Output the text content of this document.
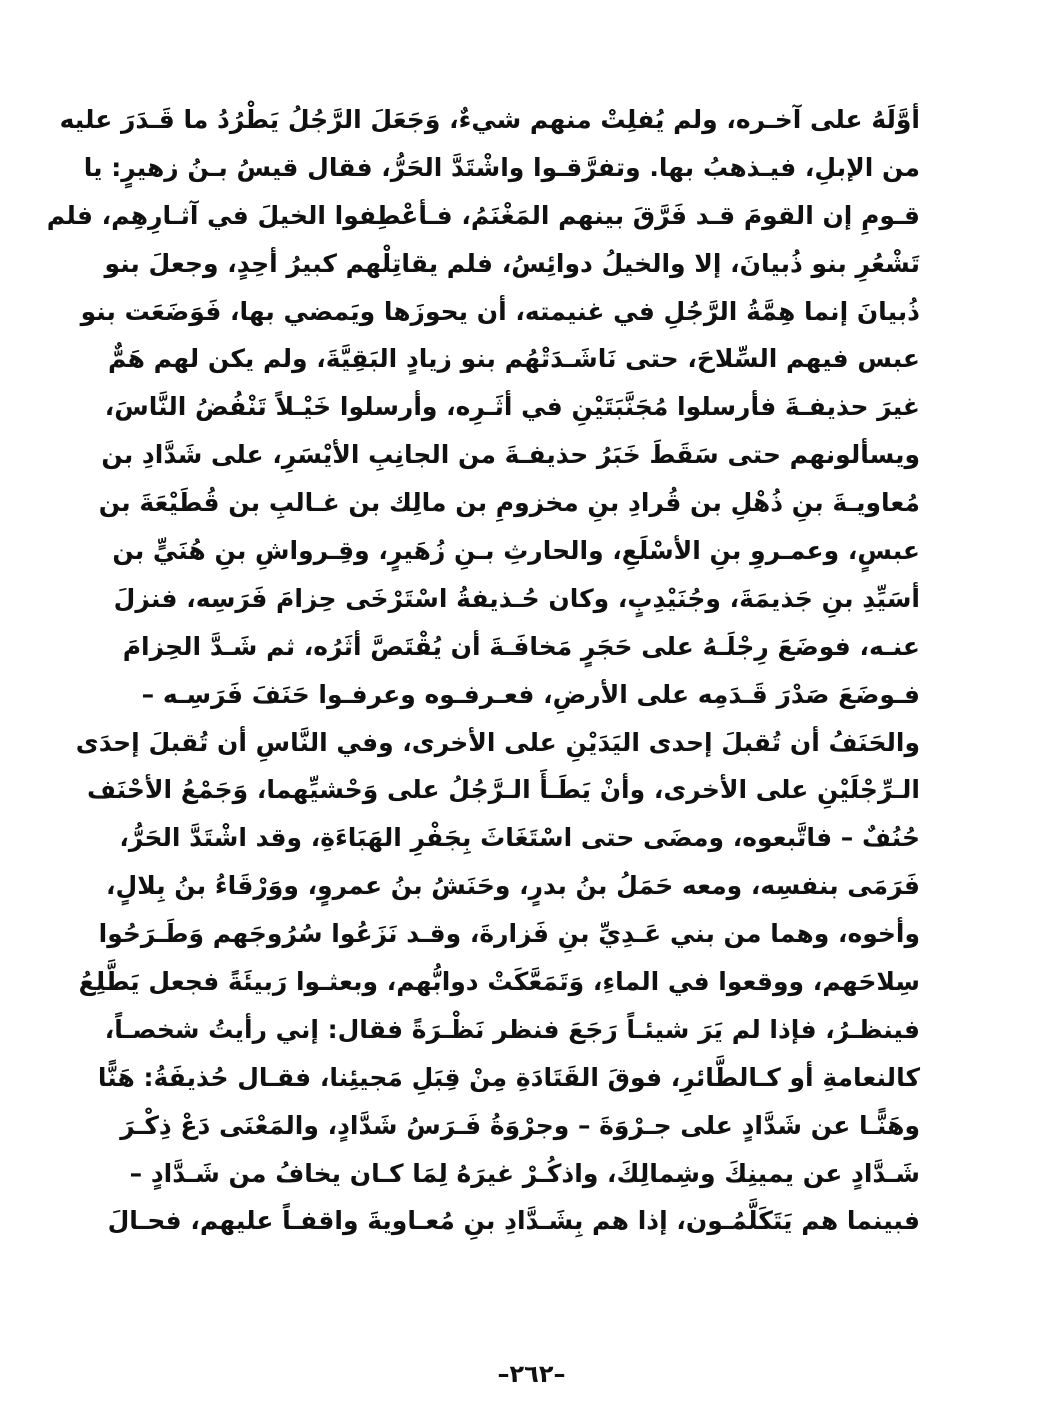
أوَّلَهُ على آخـره، ولم يُفلِتْ منهم شيءٌ، وَجَعَلَ الرَّجُلُ يَطْرُدُ ما قَـدَرَ عليه
من الإبلِ، فيـذهبُ بها. وتفرَّقـوا واشْتَدَّ الحَرُّ، فقال قيسُ بـنُ زهيرٍ: يا
قـومِ إن القومَ قـد فَرَّقَ بينهم المَغْنَمُ، فـأعْطِفوا الخيلَ في آثـارِهِم، فلم
تَشْعُرِ بنو ذُبيانَ، إلا والخيلُ دوائِسُ، فلم يقاتِلْهم كبيرُ أحِدٍ، وجعلَ بنو
ذُبيانَ إنما هِمَّةُ الرَّجُلِ في غنيمته، أن يحوزَها ويَمضي بها، فَوَضَعَت بنو
عبس فيهم السِّلاحَ، حتى نَاشَـدَتْهُم بنو زيادٍ البَقِيَّةَ، ولم يكن لهم هَمٌّ
غيرَ حذيفـةَ فأرسلوا مُجَنَّبَتَيْنِ في أثَـرِه، وأرسلوا خَيْـلاً تَنْفُضُ النَّاسَ،
ويسألونهم حتى سَقَطَ خَبَرُ حذيفـةَ من الجانِبِ الأيْسَرِ، على شَدَّادِ بن
مُعاويـةَ بنِ ذُهْلِ بن قُرادِ بنِ مخزومِ بن مالِك بن غـالبِ بن قُطَيْعَةَ بن
عبسٍ، وعمـروِ بنِ الأسْلَعِ، والحارثِ بـنِ زُهَيرٍ، وقِـرواشِ بنِ هُنَيٍّ بن
أسَيِّدِ بنِ جَذيمَةَ، وجُنَيْدِبٍ، وكان حُـذيفةُ اسْتَرْخَى حِزامَ فَرَسِه، فنزلَ
عنـه، فوضَعَ رِجْلَـهُ على حَجَرٍ مَخافَـةَ أن يُقْتَصَّ أثَرُه، ثم شَـدَّ الحِزامَ
فـوضَعَ صَدْرَ قَـدَمِه على الأرضِ، فعـرفـوه وعرفـوا حَنَفَ فَرَسِـه –
والحَنَفُ أن تُقبلَ إحدى اليَدَيْنِ على الأخرى، وفي النَّاسِ أن تُقبلَ إحدَى
الـرِّجْلَيْنِ على الأخرى، وأنْ يَطَـأَ الـرَّجُلُ على وَحْشيِّهما، وَجَمْعُ الأحْنَف
حُنُفٌ – فاتَّبعوه، ومضَى حتى اسْتَغَاثَ بِجَفْرِ الهَبَاءَةِ، وقد اشْتَدَّ الحَرُّ،
فَرَمَى بنفسِه، ومعه حَمَلُ بنُ بدرٍ، وحَنَشُ بنُ عمروٍ، ووَرْقَاءُ بنُ بِلالٍ،
وأخوه، وهما من بني عَـدِيِّ بنِ فَزارةَ، وقـد نَزَعُوا سُرُوجَهم وَطَـرَحُوا
سِلاحَهم، ووقعوا في الماءِ، وَتَمَعَّكَتْ دوابُّهم، وبعثـوا رَبيئَةً فجعل يَطَّلِعُ
فينظـرُ، فإذا لم يَرَ شيئـاً رَجَعَ فنظر نَظْـرَةً فقال: إني رأيتُ شخصـاً،
كالنعامةِ أو كـالطَّائرِ، فوقَ القَتَادَةِ مِنْ قِبَلِ مَجيئِنا، فقـال حُذيفَةُ: هَنًّا
وهَنًّـا عن شَدَّادٍ على جـرْوَةَ – وجرْوَةُ فَـرَسُ شَدَّادٍ، والمَعْنَى دَعْ ذِكْـرَ
شَـدَّادٍ عن يمينِكَ وشِمالِكَ، واذكُـرْ غيرَهُ لِمَا كـان يخافُ من شَـدَّادٍ –
فبينما هم يَتَكَلَّمُـون، إذا هم بِشَـدَّادِ بنِ مُعـاويةَ واقفـاً عليهم، فحـالَ
–٢٦٢–
